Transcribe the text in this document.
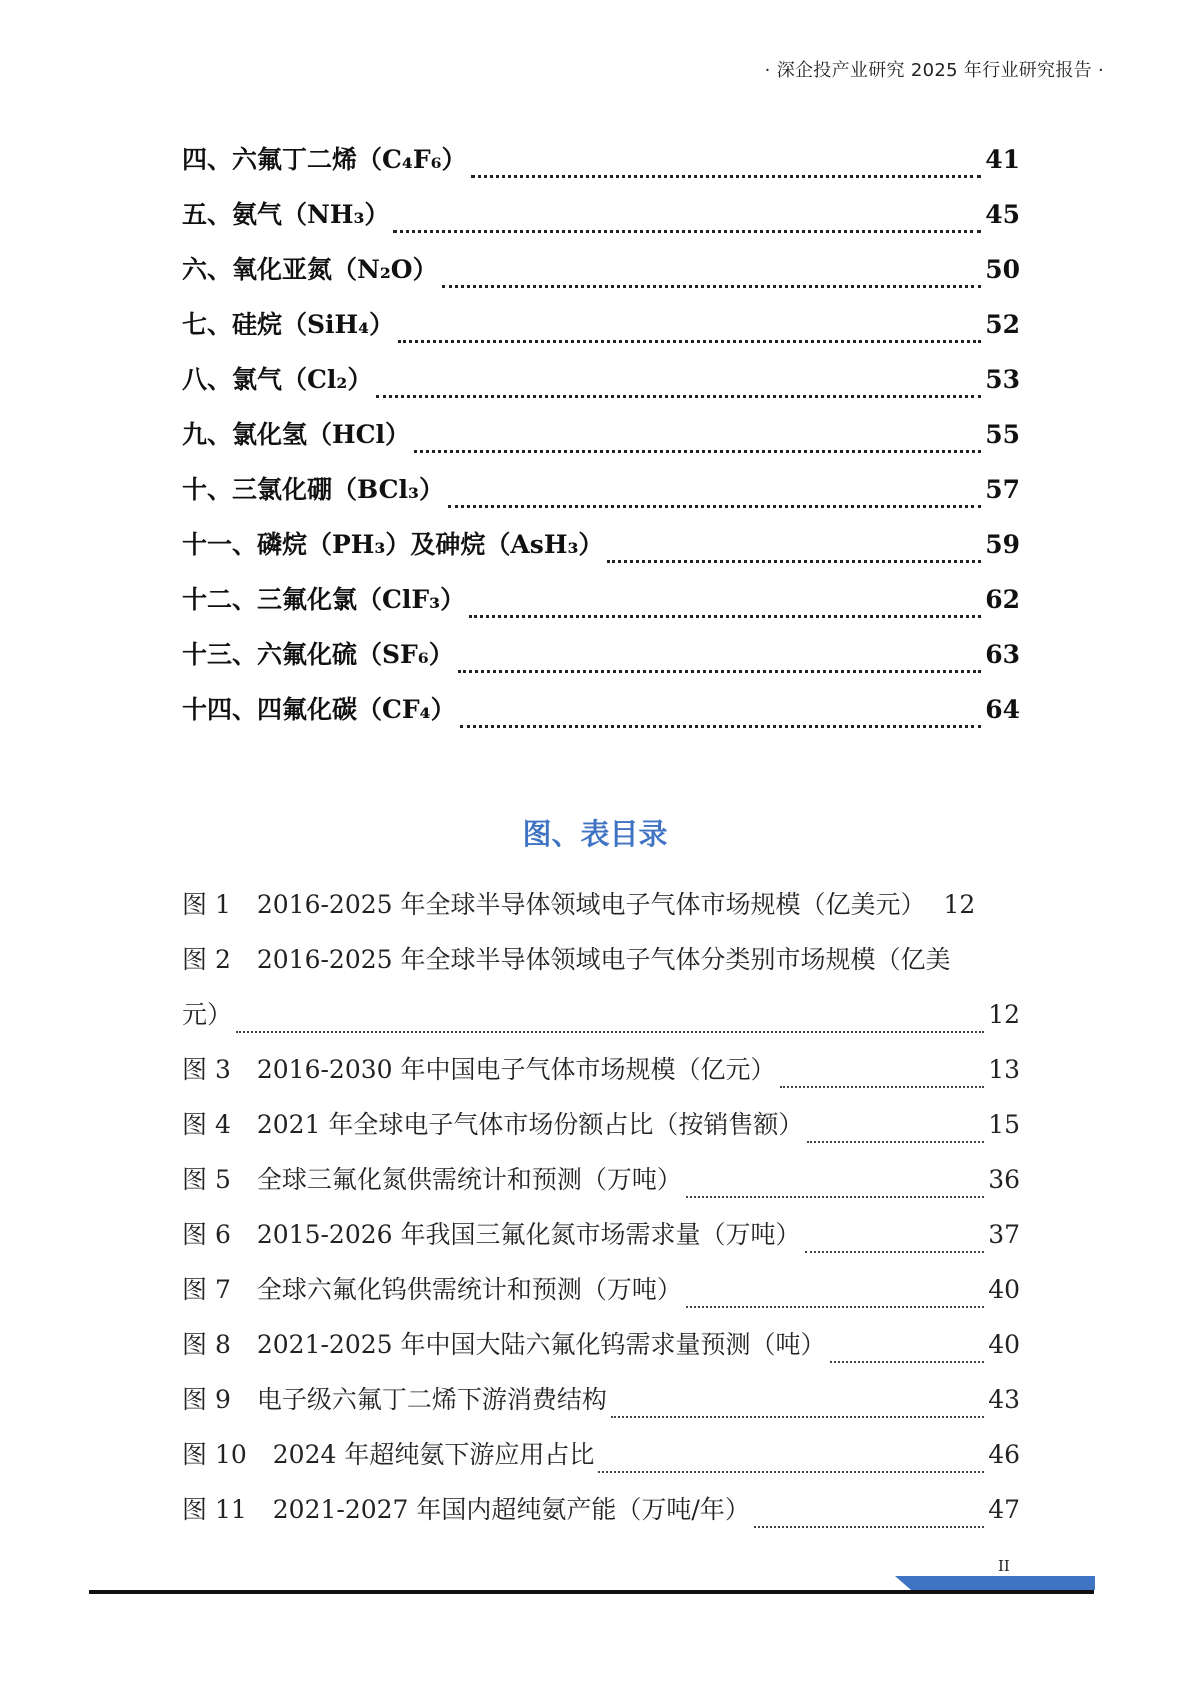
· 深企投产业研究 2025 年行业研究报告 ·
四、六氟丁二烯（C₄F₆）	41
五、氨气（NH₃）	45
六、氧化亚氮（N₂O）	50
七、硅烷（SiH₄）	52
八、氯气（Cl₂）	53
九、氯化氢（HCl）	55
十、三氯化硼（BCl₃）	57
十一、磷烷（PH₃）及砷烷（AsH₃）	59
十二、三氟化氯（ClF₃）	62
十三、六氟化硫（SF₆）	63
十四、四氟化碳（CF₄）	64
图、表目录
图 1 2016-2025 年全球半导体领域电子气体市场规模（亿美元） 12
图 2 2016-2025 年全球半导体领域电子气体分类别市场规模（亿美
元）	12
图 3 2016-2030 年中国电子气体市场规模（亿元）	13
图 4 2021 年全球电子气体市场份额占比（按销售额）	15
图 5 全球三氟化氮供需统计和预测（万吨）	36
图 6 2015-2026 年我国三氟化氮市场需求量（万吨）	37
图 7 全球六氟化钨供需统计和预测（万吨）	40
图 8 2021-2025 年中国大陆六氟化钨需求量预测（吨）	40
图 9 电子级六氟丁二烯下游消费结构	43
图 10 2024 年超纯氨下游应用占比	46
图 11 2021-2027 年国内超纯氨产能（万吨/年）	47
II
